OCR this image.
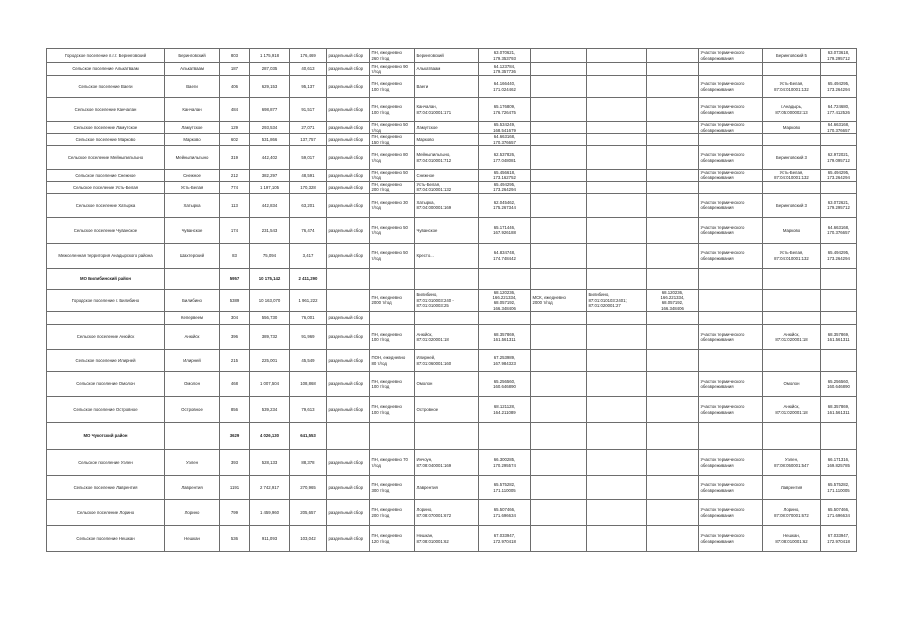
Городское поселение п.г.т. Беринговский	Беринговский	803	1 175,918	176,469	раздельный сбор	ПН, ежедневно
260 т/год	Беринговский	63.070621,
179.353793				Участок термического
обезвреживания	Беринговский 5	63.073618,
179.295712
Сельское поселение Алькатваам	Алькатваам	187	287,035	40,613	раздельный сбор	ПН, ежедневно 90
т/год	Алькатваам	64.123784,
179.357736						
Сельское поселение Ваеги	Ваеги	406	629,153	95,137	раздельный сбор	ПН, ежедневно
100 т/год	Ваеги	64.166440,
171.024462				Участок термического
обезвреживания	Усть-Белая,
87:04:010001:132	65.494295,
173.264294
Сельское поселение Канчалан	Канчалан	484	698,877	91,517	раздельный сбор	ПН, ежедневно
100 т/год	Канчалан,
87:04:010001:171	65.176809,
176.726475				Участок термического
обезвреживания	г.Анадырь,
87:05:000002:13	64.724680,
177.412526
Сельское поселение Ламутское	Ламутское	129	293,534	27,071	раздельный сбор	ПН, ежедневно 50
т/год	Ламутское	65.534249,
168.541679				Участок термического
обезвреживания	Марково	64.663168,
170.376657
Сельское поселение Марково	Марково	602	531,866	137,757	раздельный сбор	ПН, ежедневно
150 т/год	Марково	64.663168,
170.376657						
Сельское поселение Мейныпильгыно	Мейныпильгыно	319	442,402	59,017	раздельный сбор	ПН, ежедневно 80
т/год	Мейныпильгыно,
87:04:010001:712	62.537826,
177.048081				Участок термического
обезвреживания	Беринговский 3	62.972021,
179.095712
Сельское поселение Снежное	Снежное	212	382,297	48,591	раздельный сбор	ПН, ежедневно 50
т/год	Снежное	65.456618,
173.162752				Участок термического
обезвреживания	Усть-Белая,
87:04:010001:132	65.494295,
173.264294
Сельское поселение Усть-Белая	Усть-Белая	774	1 197,105	170,328	раздельный сбор	ПН, ежедневно
200 т/год	Усть-Белая,
87:04:010001:132	65.494295,
173.264294						
Сельское поселение Хатырка	Хатырка	113	442,834	63,201	раздельный сбор	ПН, ежедневно 30
т/год	Хатырка,
87:04:000001:169	62.045462,
175.267344				Участок термического
обезвреживания	Беринговский 3	63.072621,
179.295712
Сельское поселение Чуванское	Чуванское	174	231,543	76,474	раздельный сбор	ПН, ежедневно 50
т/год	Чуванское	65.171446,
167.926188				Участок термического
обезвреживания	Марково	64.663168,
170.376657
Межселенная территория Анадырского района	Шахтерский	83	75,094	3,417	раздельный сбор	ПН, ежедневно 50
т/год	Кресто...	64.834748,
174.748442				Участок термического
обезвреживания	Усть-Белая,
87:04:010001:132	65.494295,
173.264294
МО Билибинский район		5957	10 175,142	2 411,290										
Городское поселение г. Билибино	Билибино	5389	10 163,070	1 961,222		ПН, ежедневно
2000 т/год	Билибино,
87:01:010003:240 -
87:01:010003:25	68.120236,
166.221334,
68.057192,
166.348406	МСК, ежедневно
2000 т/год	Билибино,
87:01:010103:2401;
87:01:020001:27	68.120236,
166.221334,
68.057192,
166.348406			
	Кепервеем	304	556,730	76,001	раздельный сбор									
Сельское поселение Анюйск	Анюйск	396	389,732	91,969	раздельный сбор	ПН, ежедневно
100 т/год	Анюйск,
87:01:020001:18	68.357869,
161.561311				Участок термического
обезвреживания	Анюйск,
87:01:020001:18	68.357869,
161.561311
Сельское поселение Илирней	Илирней	215	225,001	45,549	раздельный сбор	ПОН, ежедневно
80 т/год	Илирней,
87:01:060001:160	67.253989,
167.984323						
Сельское поселение Омолон	Омолон	468	1 007,504	108,868	раздельный сбор	ПН, ежедневно
100 т/год	Омолон	65.256560,
160.646890				Участок термического
обезвреживания	Омолон	65.256560,
160.646890
Сельское поселение Островное	Островное	856	539,234	79,613	раздельный сбор	ПН, ежедневно
100 т/год	Островное	68.121128,
164.211089				Участок термического
обезвреживания	Анюйск,
87:01:020001:18	68.357869,
161.561311
МО Чукотский район		3629	4 026,130	641,553										
Сельское поселение Уэлен	Уэлен	393	528,133	88,378	раздельный сбор	ПН, ежедневно 70
т/год	Инчоун,
87:08:040001:169	66.300285,
170.295574				Участок термического
обезвреживания	Уэлен,
87:08:050001:547	66.171316,
169.825785
Сельское поселение Лаврентия	Лаврентия	1191	2 742,917	270,965	раздельный сбор	ПН, ежедневно
300 т/год	Лаврентия	65.575282,
171.110005				Участок термического
обезвреживания	Лаврентия	65.575282,
171.110005
Сельское поселение Лорино	Лорино	799	1 459,960	205,657	раздельный сбор	ПН, ежедневно
200 т/год	Лорино,
87:08:070001:672	65.507466,
171.696634				Участок термического
обезвреживания	Лорино,
87:08:070001:672	65.507466,
171.696634
Сельское поселение Нешкан	Нешкан	536	911,093	103,042	раздельный сбор	ПН, ежедневно
120 т/год	Нешкан,
87:08:010001:62	67.033947,
172.970418				Участок термического
обезвреживания	Нешкан,
87:08:010001:62	67.033947,
172.970418
